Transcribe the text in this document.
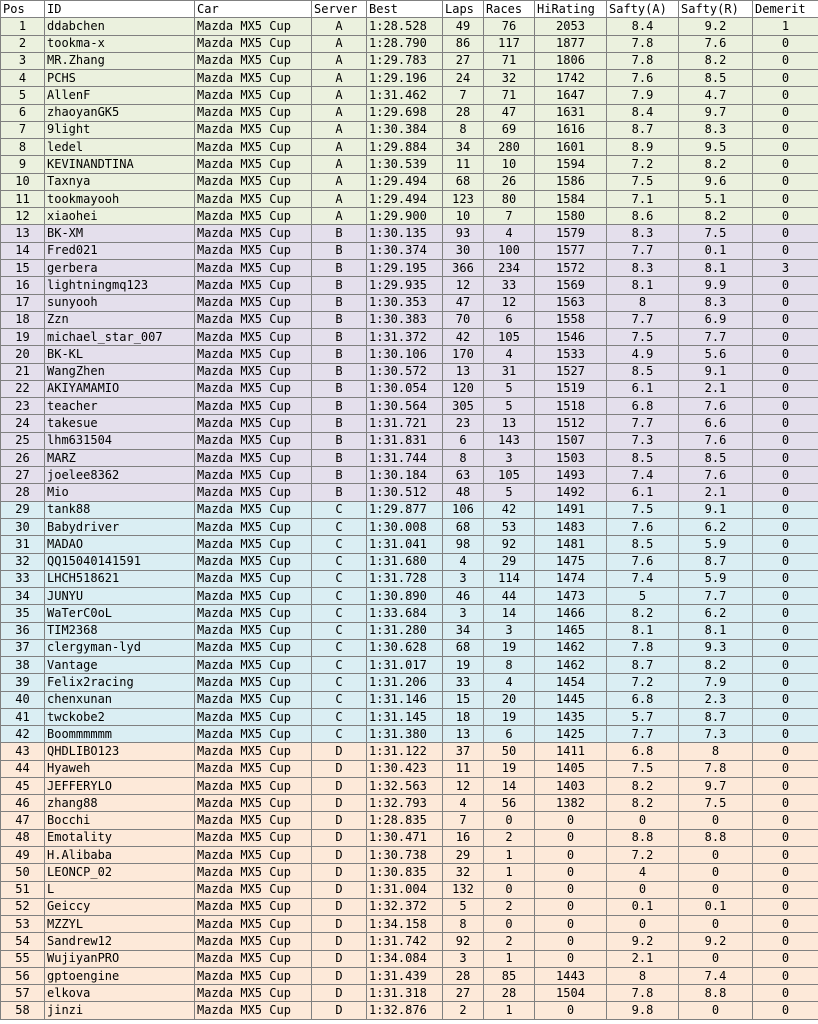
Pos	ID	Car	Server	Best	Laps	Races	HiRating	Safty(A)	Safty(R)	Demerit
1	ddabchen	Mazda MX5 Cup	A	1:28.528	49	76	2053	8.4	9.2	1
2	tookma-x	Mazda MX5 Cup	A	1:28.790	86	117	1877	7.8	7.6	0
3	MR.Zhang	Mazda MX5 Cup	A	1:29.783	27	71	1806	7.8	8.2	0
4	PCHS	Mazda MX5 Cup	A	1:29.196	24	32	1742	7.6	8.5	0
5	AllenF	Mazda MX5 Cup	A	1:31.462	7	71	1647	7.9	4.7	0
6	zhaoyanGK5	Mazda MX5 Cup	A	1:29.698	28	47	1631	8.4	9.7	0
7	9light	Mazda MX5 Cup	A	1:30.384	8	69	1616	8.7	8.3	0
8	ledel	Mazda MX5 Cup	A	1:29.884	34	280	1601	8.9	9.5	0
9	KEVINANDTINA	Mazda MX5 Cup	A	1:30.539	11	10	1594	7.2	8.2	0
10	Taxnya	Mazda MX5 Cup	A	1:29.494	68	26	1586	7.5	9.6	0
11	tookmayooh	Mazda MX5 Cup	A	1:29.494	123	80	1584	7.1	5.1	0
12	xiaohei	Mazda MX5 Cup	A	1:29.900	10	7	1580	8.6	8.2	0
13	BK-XM	Mazda MX5 Cup	B	1:30.135	93	4	1579	8.3	7.5	0
14	Fred021	Mazda MX5 Cup	B	1:30.374	30	100	1577	7.7	0.1	0
15	gerbera	Mazda MX5 Cup	B	1:29.195	366	234	1572	8.3	8.1	3
16	lightningmq123	Mazda MX5 Cup	B	1:29.935	12	33	1569	8.1	9.9	0
17	sunyooh	Mazda MX5 Cup	B	1:30.353	47	12	1563	8	8.3	0
18	Zzn	Mazda MX5 Cup	B	1:30.383	70	6	1558	7.7	6.9	0
19	michael_star_007	Mazda MX5 Cup	B	1:31.372	42	105	1546	7.5	7.7	0
20	BK-KL	Mazda MX5 Cup	B	1:30.106	170	4	1533	4.9	5.6	0
21	WangZhen	Mazda MX5 Cup	B	1:30.572	13	31	1527	8.5	9.1	0
22	AKIYAMAMIO	Mazda MX5 Cup	B	1:30.054	120	5	1519	6.1	2.1	0
23	teacher	Mazda MX5 Cup	B	1:30.564	305	5	1518	6.8	7.6	0
24	takesue	Mazda MX5 Cup	B	1:31.721	23	13	1512	7.7	6.6	0
25	lhm631504	Mazda MX5 Cup	B	1:31.831	6	143	1507	7.3	7.6	0
26	MARZ	Mazda MX5 Cup	B	1:31.744	8	3	1503	8.5	8.5	0
27	joelee8362	Mazda MX5 Cup	B	1:30.184	63	105	1493	7.4	7.6	0
28	Mio	Mazda MX5 Cup	B	1:30.512	48	5	1492	6.1	2.1	0
29	tank88	Mazda MX5 Cup	C	1:29.877	106	42	1491	7.5	9.1	0
30	Babydriver	Mazda MX5 Cup	C	1:30.008	68	53	1483	7.6	6.2	0
31	MADAO	Mazda MX5 Cup	C	1:31.041	98	92	1481	8.5	5.9	0
32	QQ15040141591	Mazda MX5 Cup	C	1:31.680	4	29	1475	7.6	8.7	0
33	LHCH518621	Mazda MX5 Cup	C	1:31.728	3	114	1474	7.4	5.9	0
34	JUNYU	Mazda MX5 Cup	C	1:30.890	46	44	1473	5	7.7	0
35	WaTerC0oL	Mazda MX5 Cup	C	1:33.684	3	14	1466	8.2	6.2	0
36	TIM2368	Mazda MX5 Cup	C	1:31.280	34	3	1465	8.1	8.1	0
37	clergyman-lyd	Mazda MX5 Cup	C	1:30.628	68	19	1462	7.8	9.3	0
38	Vantage	Mazda MX5 Cup	C	1:31.017	19	8	1462	8.7	8.2	0
39	Felix2racing	Mazda MX5 Cup	C	1:31.206	33	4	1454	7.2	7.9	0
40	chenxunan	Mazda MX5 Cup	C	1:31.146	15	20	1445	6.8	2.3	0
41	twckobe2	Mazda MX5 Cup	C	1:31.145	18	19	1435	5.7	8.7	0
42	Boommmmmm	Mazda MX5 Cup	C	1:31.380	13	6	1425	7.7	7.3	0
43	QHDLIBO123	Mazda MX5 Cup	D	1:31.122	37	50	1411	6.8	8	0
44	Hyaweh	Mazda MX5 Cup	D	1:30.423	11	19	1405	7.5	7.8	0
45	JEFFERYLO	Mazda MX5 Cup	D	1:32.563	12	14	1403	8.2	9.7	0
46	zhang88	Mazda MX5 Cup	D	1:32.793	4	56	1382	8.2	7.5	0
47	Bocchi	Mazda MX5 Cup	D	1:28.835	7	0	0	0	0	0
48	Emotality	Mazda MX5 Cup	D	1:30.471	16	2	0	8.8	8.8	0
49	H.Alibaba	Mazda MX5 Cup	D	1:30.738	29	1	0	7.2	0	0
50	LEONCP_02	Mazda MX5 Cup	D	1:30.835	32	1	0	4	0	0
51	L	Mazda MX5 Cup	D	1:31.004	132	0	0	0	0	0
52	Geiccy	Mazda MX5 Cup	D	1:32.372	5	2	0	0.1	0.1	0
53	MZZYL	Mazda MX5 Cup	D	1:34.158	8	0	0	0	0	0
54	Sandrew12	Mazda MX5 Cup	D	1:31.742	92	2	0	9.2	9.2	0
55	WujiyanPRO	Mazda MX5 Cup	D	1:34.084	3	1	0	2.1	0	0
56	gptoengine	Mazda MX5 Cup	D	1:31.439	28	85	1443	8	7.4	0
57	elkova	Mazda MX5 Cup	D	1:31.318	27	28	1504	7.8	8.8	0
58	jinzi	Mazda MX5 Cup	D	1:32.876	2	1	0	9.8	0	0
